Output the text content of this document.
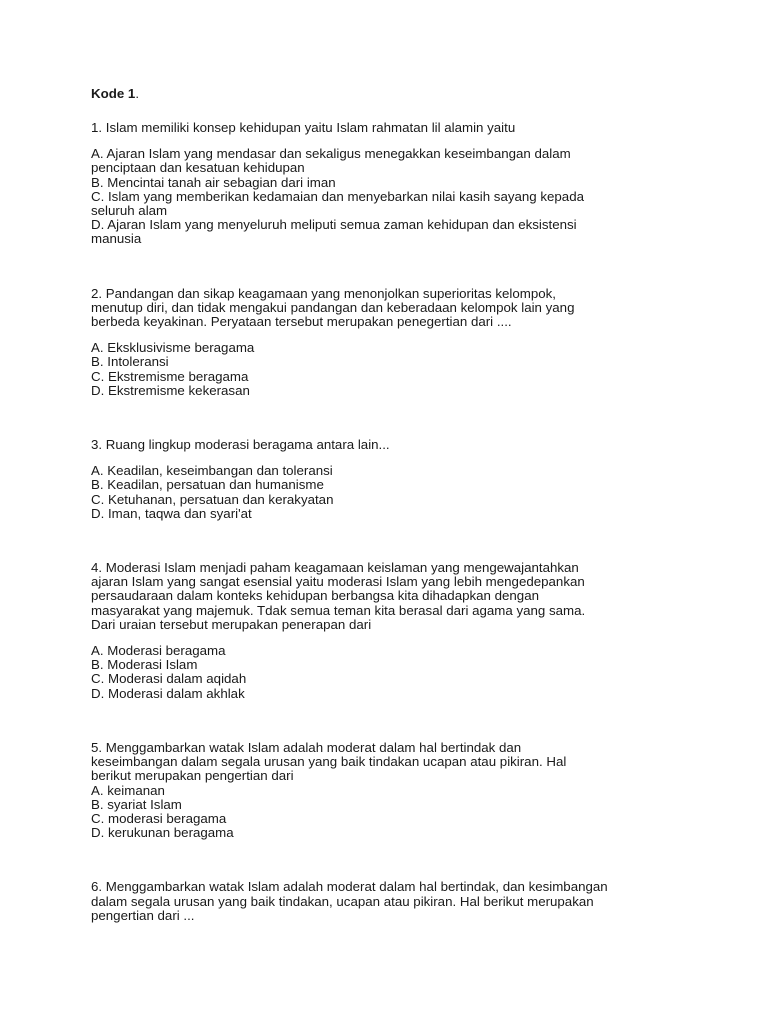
Kode 1.

1. Islam memiliki konsep kehidupan yaitu Islam rahmatan lil alamin yaitu

A. Ajaran Islam yang mendasar dan sekaligus menegakkan keseimbangan dalam
penciptaan dan kesatuan kehidupan
B. Mencintai tanah air sebagian dari iman
C. Islam yang memberikan kedamaian dan menyebarkan nilai kasih sayang kepada
seluruh alam
D. Ajaran Islam yang menyeluruh meliputi semua zaman kehidupan dan eksistensi
manusia

2. Pandangan dan sikap keagamaan yang menonjolkan superioritas kelompok,
menutup diri, dan tidak mengakui pandangan dan keberadaan kelompok lain yang
berbeda keyakinan. Peryataan tersebut merupakan penegertian dari ....

A. Eksklusivisme beragama
B. Intoleransi
C. Ekstremisme beragama
D. Ekstremisme kekerasan

3. Ruang lingkup moderasi beragama antara lain...

A. Keadilan, keseimbangan dan toleransi
B. Keadilan, persatuan dan humanisme
C. Ketuhanan, persatuan dan kerakyatan
D. Iman, taqwa dan syari'at

4. Moderasi Islam menjadi paham keagamaan keislaman yang mengewajantahkan
ajaran Islam yang sangat esensial yaitu moderasi Islam yang lebih mengedepankan
persaudaraan dalam konteks kehidupan berbangsa kita dihadapkan dengan
masyarakat yang majemuk. Tdak semua teman kita berasal dari agama yang sama.
Dari uraian tersebut merupakan penerapan dari

A. Moderasi beragama
B. Moderasi Islam
C. Moderasi dalam aqidah
D. Moderasi dalam akhlak

5. Menggambarkan watak Islam adalah moderat dalam hal bertindak dan
keseimbangan dalam segala urusan yang baik tindakan ucapan atau pikiran. Hal
berikut merupakan pengertian dari

A. keimanan
B. syariat Islam
C. moderasi beragama
D. kerukunan beragama

6. Menggambarkan watak Islam adalah moderat dalam hal bertindak, dan kesimbangan
dalam segala urusan yang baik tindakan, ucapan atau pikiran. Hal berikut merupakan
pengertian dari ...
